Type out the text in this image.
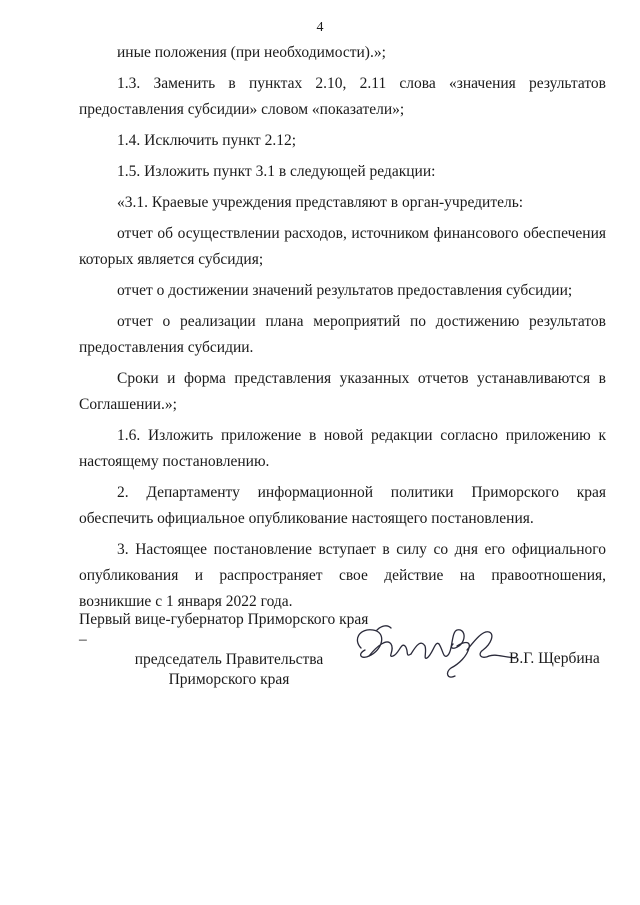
4

иные положения (при необходимости).»;

1.3. Заменить в пунктах 2.10, 2.11 слова «значения результатов предоставления субсидии» словом «показатели»;

1.4. Исключить пункт 2.12;

1.5. Изложить пункт 3.1 в следующей редакции:

«3.1. Краевые учреждения представляют в орган-учредитель:

отчет об осуществлении расходов, источником финансового обеспечения которых является субсидия;

отчет о достижении значений результатов предоставления субсидии;

отчет о реализации плана мероприятий по достижению результатов предоставления субсидии.

Сроки и форма представления указанных отчетов устанавливаются в Соглашении.»;

1.6. Изложить приложение в новой редакции согласно приложению к настоящему постановлению.

2. Департаменту информационной политики Приморского края обеспечить официальное опубликование настоящего постановления.

3. Настоящее постановление вступает в силу со дня его официального опубликования и распространяет свое действие на правоотношения, возникшие с 1 января 2022 года.

Первый вице-губернатор Приморского края –
председатель Правительства
Приморского края
В.Г. Щербина
